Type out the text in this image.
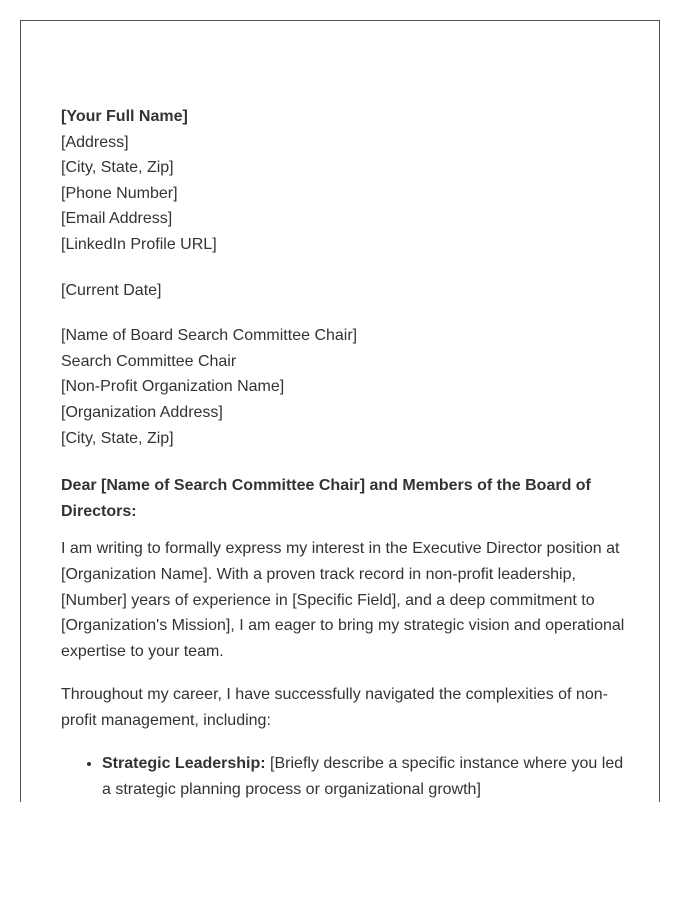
[Your Full Name]
[Address]
[City, State, Zip]
[Phone Number]
[Email Address]
[LinkedIn Profile URL]
[Current Date]
[Name of Board Search Committee Chair]
Search Committee Chair
[Non-Profit Organization Name]
[Organization Address]
[City, State, Zip]
Dear [Name of Search Committee Chair] and Members of the Board of Directors:

I am writing to formally express my interest in the Executive Director position at [Organization Name]. With a proven track record in non-profit leadership, [Number] years of experience in [Specific Field], and a deep commitment to [Organization's Mission], I am eager to bring my strategic vision and operational expertise to your team.

Throughout my career, I have successfully navigated the complexities of non-profit management, including:

• Strategic Leadership: [Briefly describe a specific instance where you led a strategic planning process or organizational growth]
